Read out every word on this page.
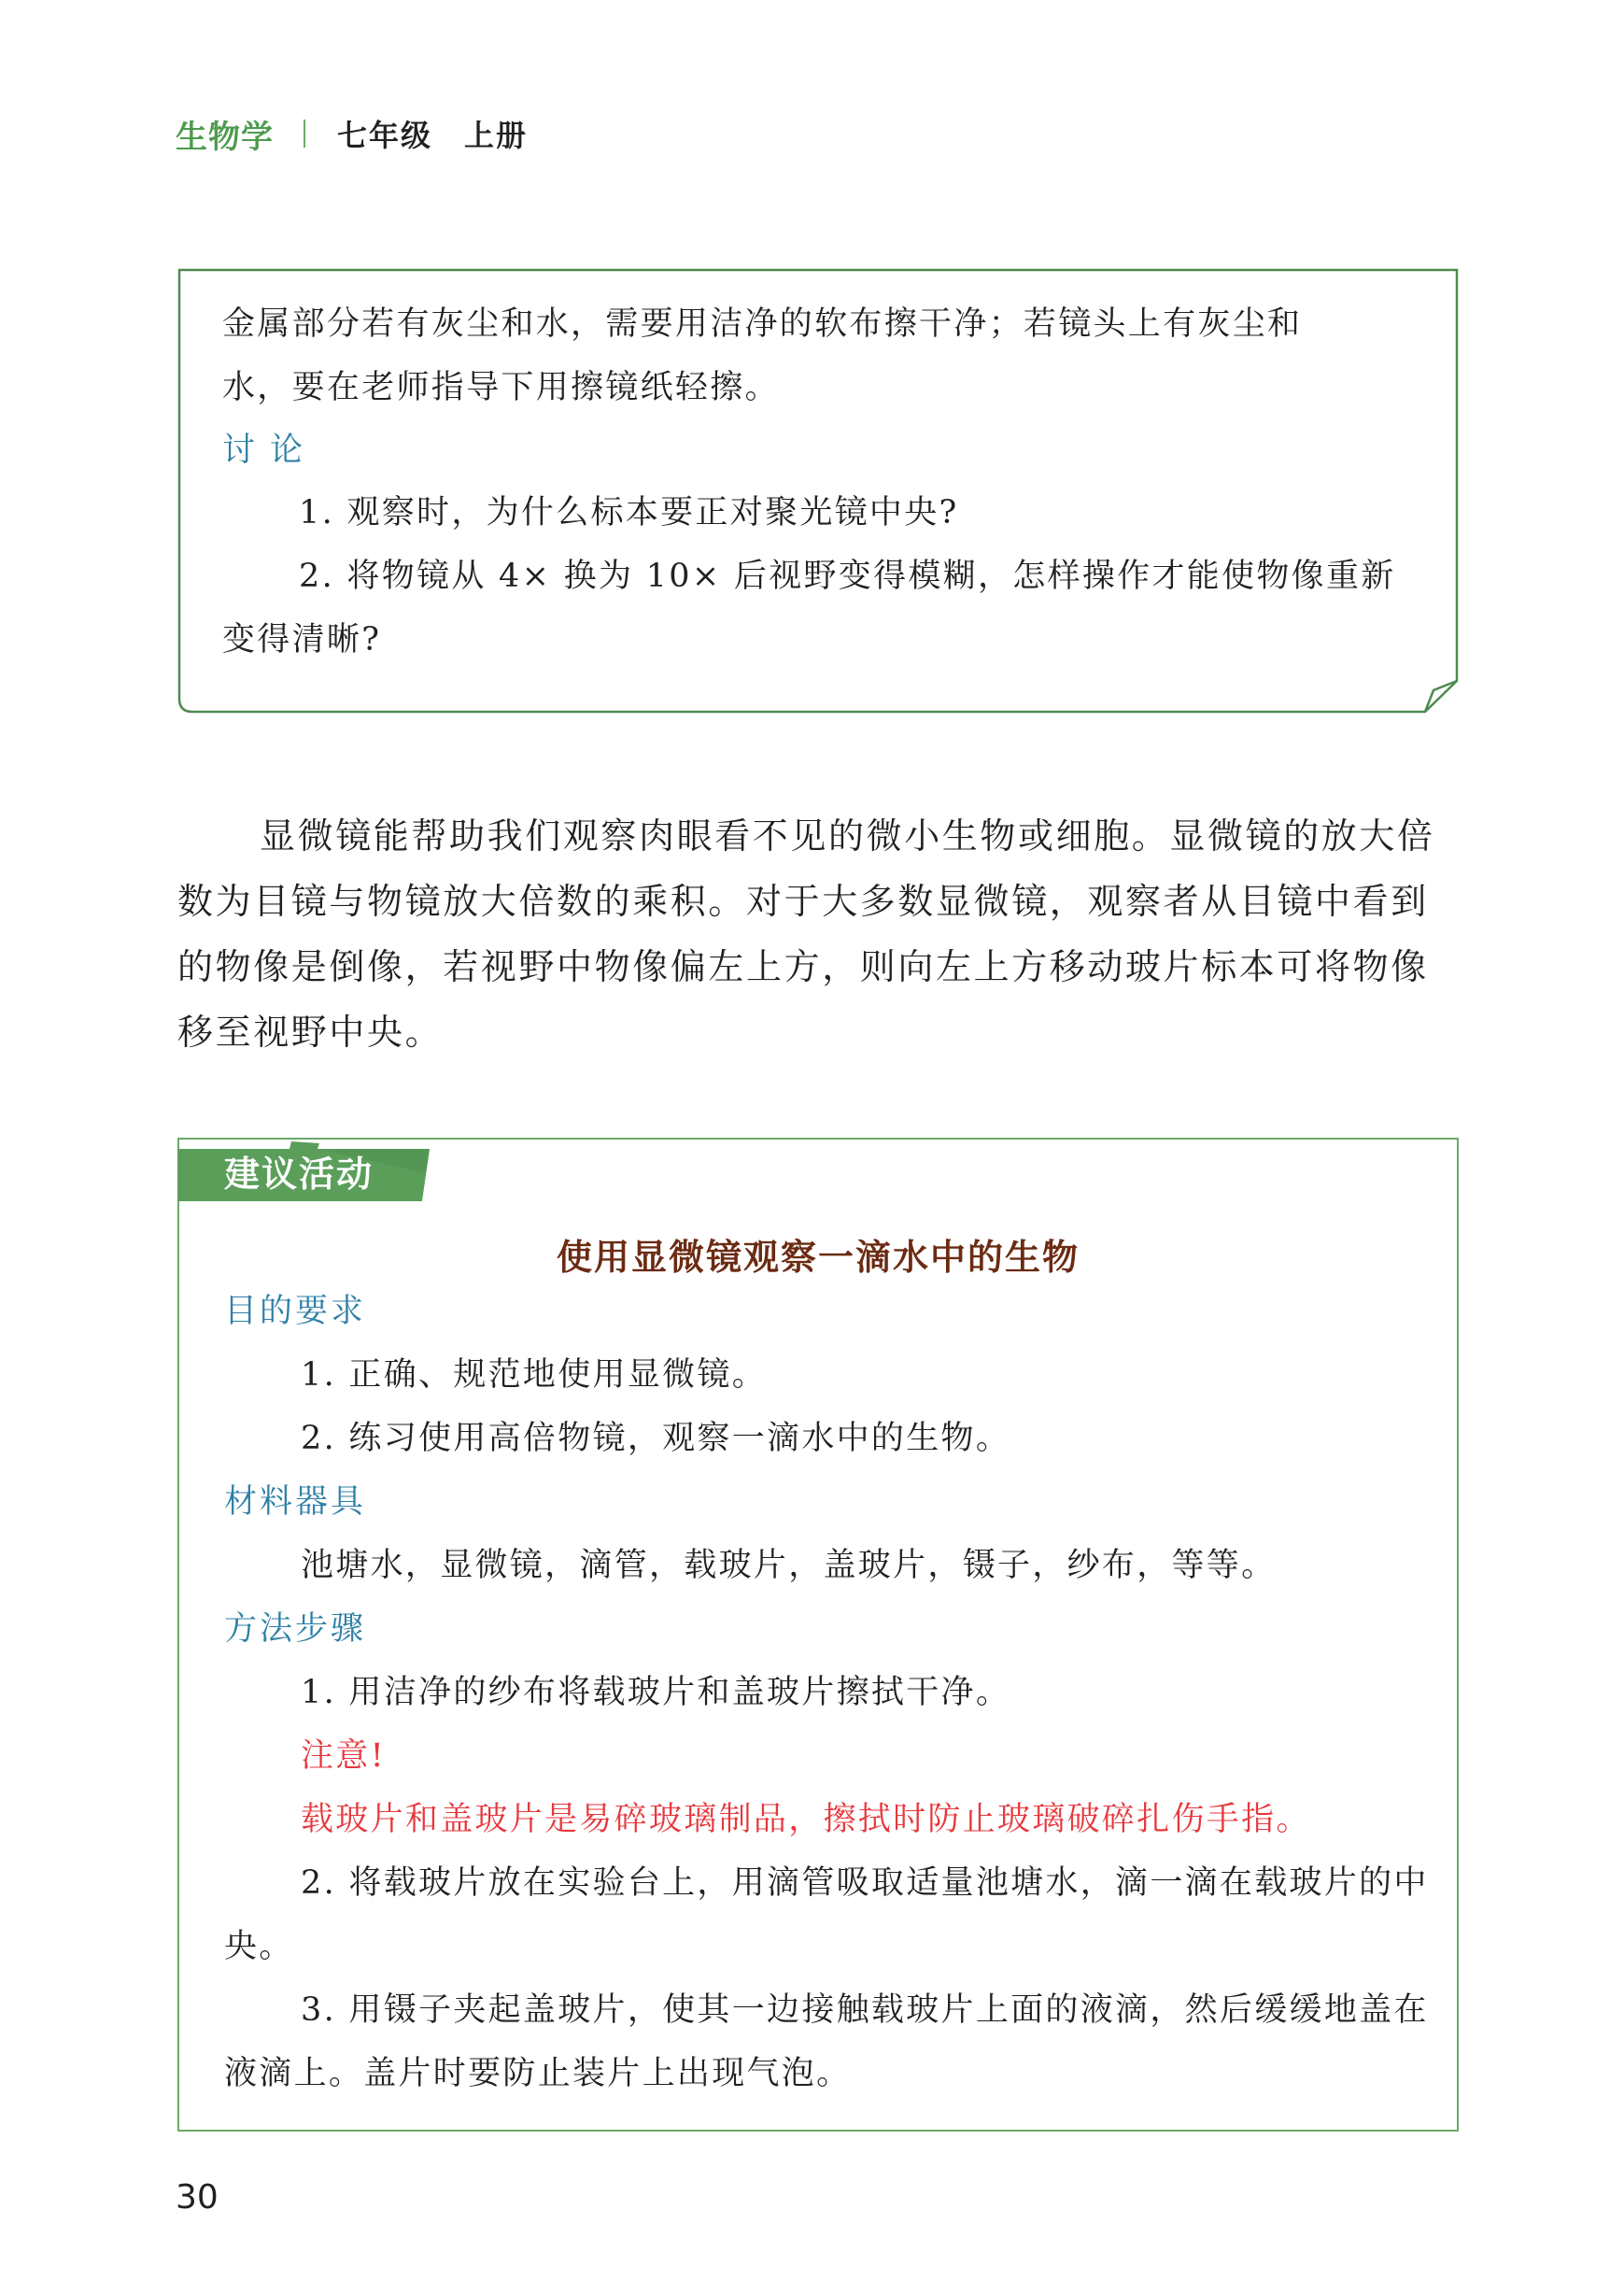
生物学 七年级　上册

金属部分若有灰尘和水，需要用洁净的软布擦干净；若镜头上有灰尘和

水，要在老师指导下用擦镜纸轻擦。

讨论

1. 观察时，为什么标本要正对聚光镜中央?

2. 将物镜从 4× 换为 10× 后视野变得模糊，怎样操作才能使物像重新变得清晰?

显微镜能帮助我们观察肉眼看不见的微小生物或细胞。显微镜的放大倍数为目镜与物镜放大倍数的乘积。对于大多数显微镜，观察者从目镜中看到的物像是倒像，若视野中物像偏左上方，则向左上方移动玻片标本可将物像移至视野中央。

建议活动
使用显微镜观察一滴水中的生物

目的要求

1. 正确、规范地使用显微镜。

2. 练习使用高倍物镜，观察一滴水中的生物。

材料器具

池塘水，显微镜，滴管，载玻片，盖玻片，镊子，纱布，等等。

方法步骤

1. 用洁净的纱布将载玻片和盖玻片擦拭干净。

注意!

载玻片和盖玻片是易碎玻璃制品，擦拭时防止玻璃破碎扎伤手指。

2. 将载玻片放在实验台上，用滴管吸取适量池塘水，滴一滴在载玻片的中央。

3. 用镊子夹起盖玻片，使其一边接触载玻片上面的液滴，然后缓缓地盖在液滴上。盖片时要防止装片上出现气泡。

30
